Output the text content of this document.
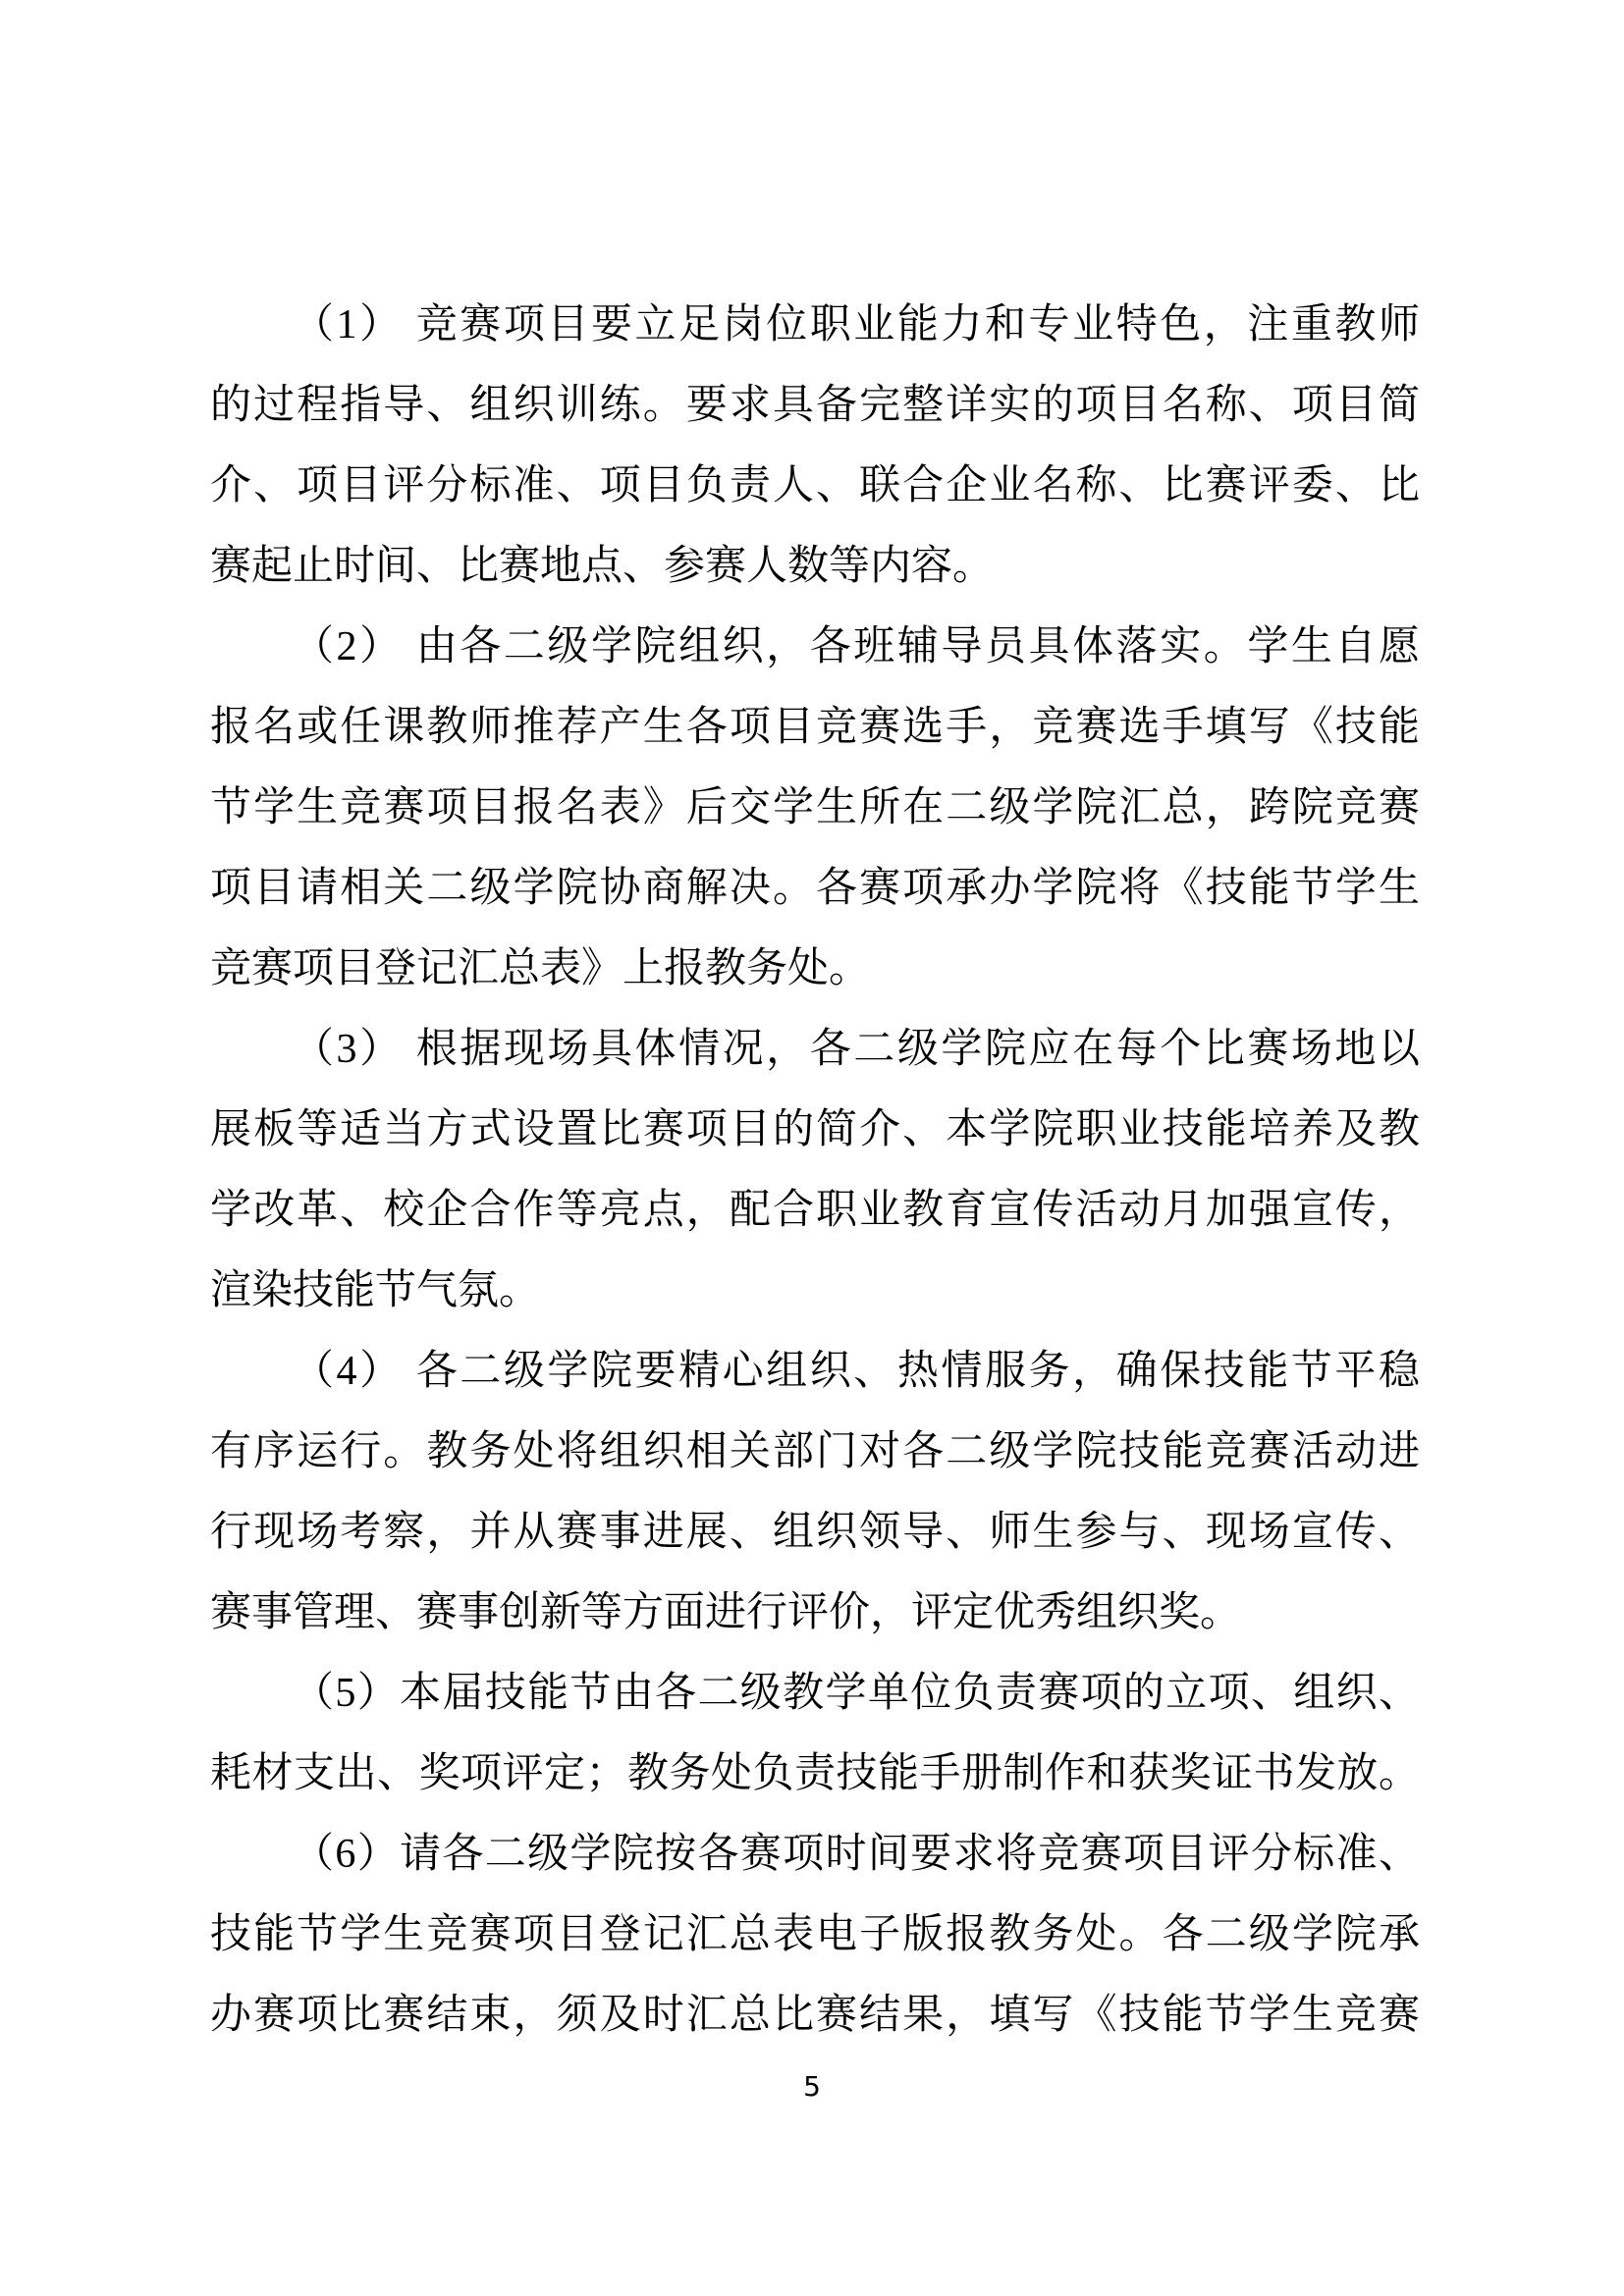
（1） 竞赛项目要立足岗位职业能力和专业特色，注重教师
的过程指导、组织训练。要求具备完整详实的项目名称、项目简
介、项目评分标准、项目负责人、联合企业名称、比赛评委、比
赛起止时间、比赛地点、参赛人数等内容。
（2） 由各二级学院组织，各班辅导员具体落实。学生自愿
报名或任课教师推荐产生各项目竞赛选手，竞赛选手填写《技能
节学生竞赛项目报名表》后交学生所在二级学院汇总，跨院竞赛
项目请相关二级学院协商解决。各赛项承办学院将《技能节学生
竞赛项目登记汇总表》上报教务处。
（3） 根据现场具体情况，各二级学院应在每个比赛场地以
展板等适当方式设置比赛项目的简介、本学院职业技能培养及教
学改革、校企合作等亮点，配合职业教育宣传活动月加强宣传，
渲染技能节气氛。
（4） 各二级学院要精心组织、热情服务，确保技能节平稳
有序运行。教务处将组织相关部门对各二级学院技能竞赛活动进
行现场考察，并从赛事进展、组织领导、师生参与、现场宣传、
赛事管理、赛事创新等方面进行评价，评定优秀组织奖。
（5）本届技能节由各二级教学单位负责赛项的立项、组织、
耗材支出、奖项评定；教务处负责技能手册制作和获奖证书发放。
（6）请各二级学院按各赛项时间要求将竞赛项目评分标准、
技能节学生竞赛项目登记汇总表电子版报教务处。各二级学院承
办赛项比赛结束，须及时汇总比赛结果，填写《技能节学生竞赛
5
